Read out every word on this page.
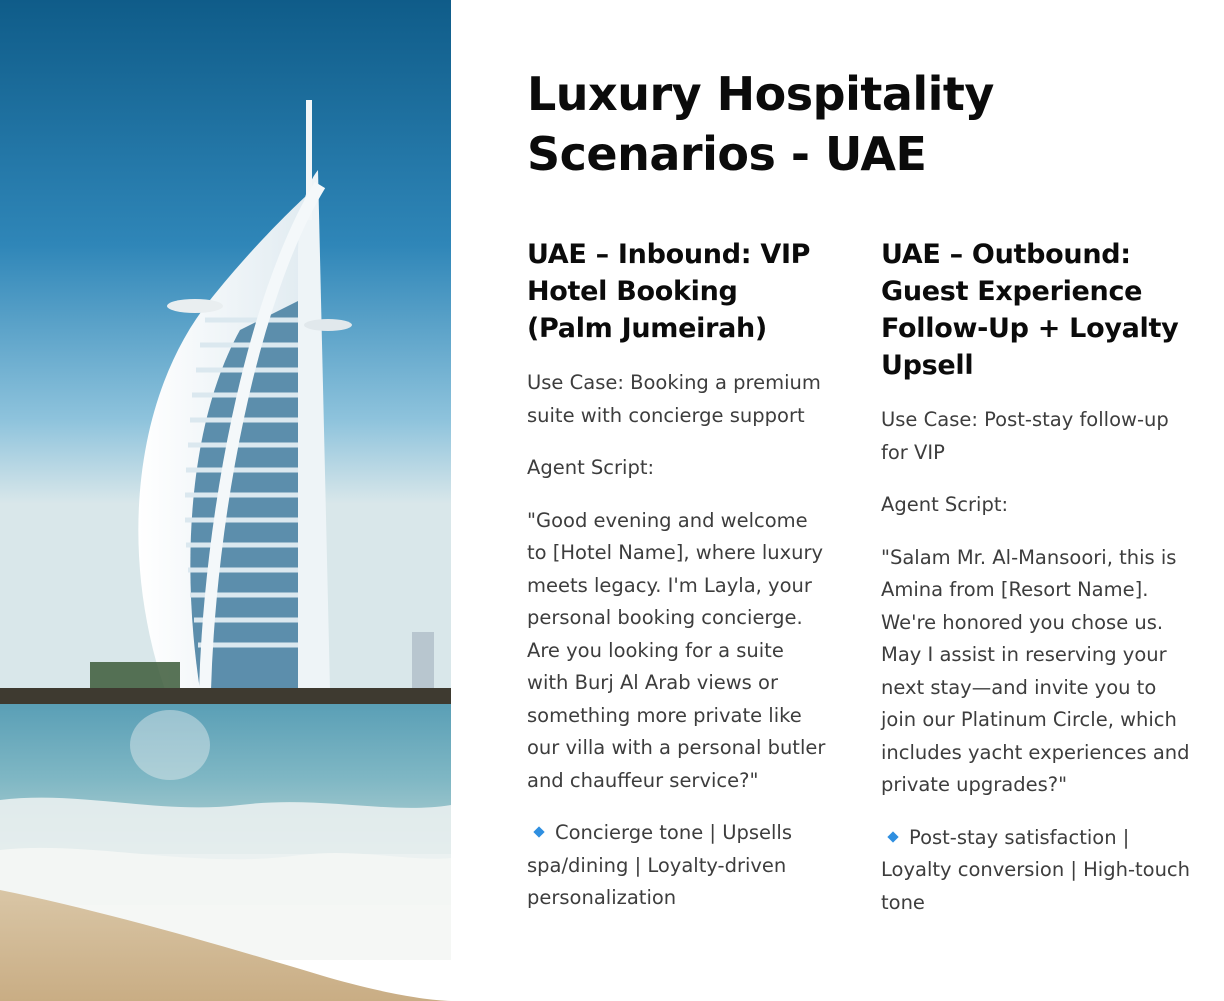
Luxury Hospitality Scenarios - UAE
UAE – Inbound: VIP Hotel Booking (Palm Jumeirah)

Use Case: Booking a premium suite with concierge support

Agent Script:

"Good evening and welcome to [Hotel Name], where luxury meets legacy. I'm Layla, your personal booking concierge. Are you looking for a suite with Burj Al Arab views or something more private like our villa with a personal butler and chauffeur service?"

Concierge tone | Upsells spa/dining | Loyalty-driven personalization

UAE – Outbound: Guest Experience Follow-Up + Loyalty Upsell

Use Case: Post-stay follow-up for VIP

Agent Script:

"Salam Mr. Al-Mansoori, this is Amina from [Resort Name]. We're honored you chose us. May I assist in reserving your next stay—and invite you to join our Platinum Circle, which includes yacht experiences and private upgrades?"

Post-stay satisfaction | Loyalty conversion | High-touch tone
